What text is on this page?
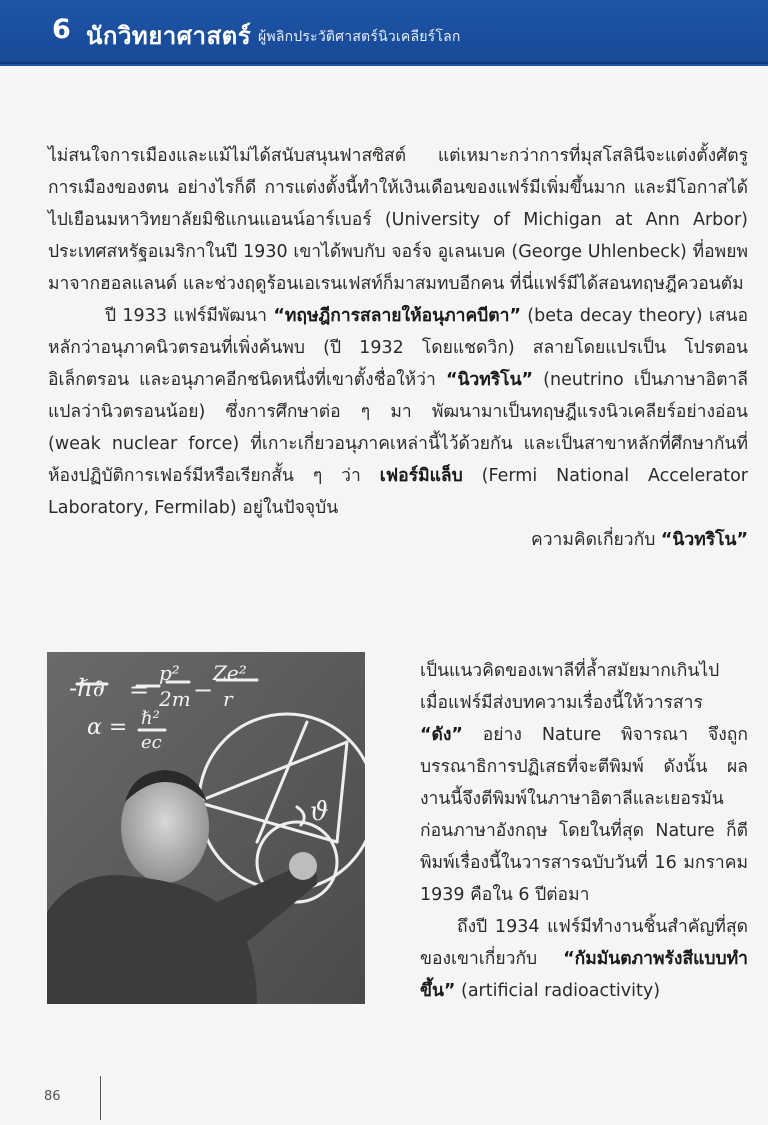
6 นักวิทยาศาสตร์ ผู้พลิกประวัติศาสตร์นิวเคลียร์โลก

ไม่สนใจการเมืองและแม้ไม่ได้สนับสนุนฟาสซิสต์ แต่เหมาะกว่าการที่มุสโสลินีจะแต่งตั้งศัตรูการเมืองของตน อย่างไรก็ดี การแต่งตั้งนี้ทำให้เงินเดือนของแฟร์มีเพิ่มขึ้นมาก และมีโอกาสได้ไปเยือนมหาวิทยาลัยมิชิแกนแอนน์อาร์เบอร์ (University of Michigan at Ann Arbor) ประเทศสหรัฐอเมริกาในปี 1930 เขาได้พบกับ จอร์จ อูเลนเบค (George Uhlenbeck) ที่อพยพมาจากฮอลแลนด์ และช่วงฤดูร้อนเอเรนเฟสท์ก็มาสมทบอีกคน ที่นี่แฟร์มีได้สอนทฤษฎีควอนตัม

ปี 1933 แฟร์มีพัฒนา “ทฤษฎีการสลายให้อนุภาคบีตา” (beta decay theory) เสนอหลักว่าอนุภาคนิวตรอนที่เพิ่งค้นพบ (ปี 1932 โดยแชดวิก) สลายโดยแปรเป็น โปรตอน อิเล็กตรอน และอนุภาคอีกชนิดหนึ่งที่เขาตั้งชื่อให้ว่า “นิวทริโน” (neutrino เป็นภาษาอิตาลีแปลว่านิวตรอนน้อย) ซึ่งการศึกษาต่อ ๆ มา พัฒนามาเป็นทฤษฎีแรงนิวเคลียร์อย่างอ่อน (weak nuclear force) ที่เกาะเกี่ยวอนุภาคเหล่านี้ไว้ด้วยกัน และเป็นสาขาหลักที่ศึกษากันที่ห้องปฏิบัติการเฟอร์มีหรือเรียกสั้น ๆ ว่า เฟอร์มิแล็บ (Fermi National Accelerator Laboratory, Fermilab) อยู่ในปัจจุบัน

ความคิดเกี่ยวกับ “นิวทริโน”

-ℏ∂ =
p²
2m −
Ze²
r
α = ℏ²
ec
ϑ

เป็นแนวคิดของเพาลีที่ล้ำสมัยมากเกินไป เมื่อแฟร์มีส่งบทความเรื่องนี้ให้วารสาร “ดัง” อย่าง Nature พิจารณา จึงถูกบรรณาธิการปฏิเสธที่จะตีพิมพ์ ดังนั้น ผลงานนี้จึงตีพิมพ์ในภาษาอิตาลีและเยอรมันก่อนภาษาอังกฤษ โดยในที่สุด Nature ก็ตีพิมพ์เรื่องนี้ในวารสารฉบับวันที่ 16 มกราคม 1939 คือใน 6 ปีต่อมา

ถึงปี 1934 แฟร์มีทำงานชิ้นสำคัญที่สุดของเขาเกี่ยวกับ “กัมมันตภาพรังสีแบบทำขึ้น” (artificial radioactivity)

86
